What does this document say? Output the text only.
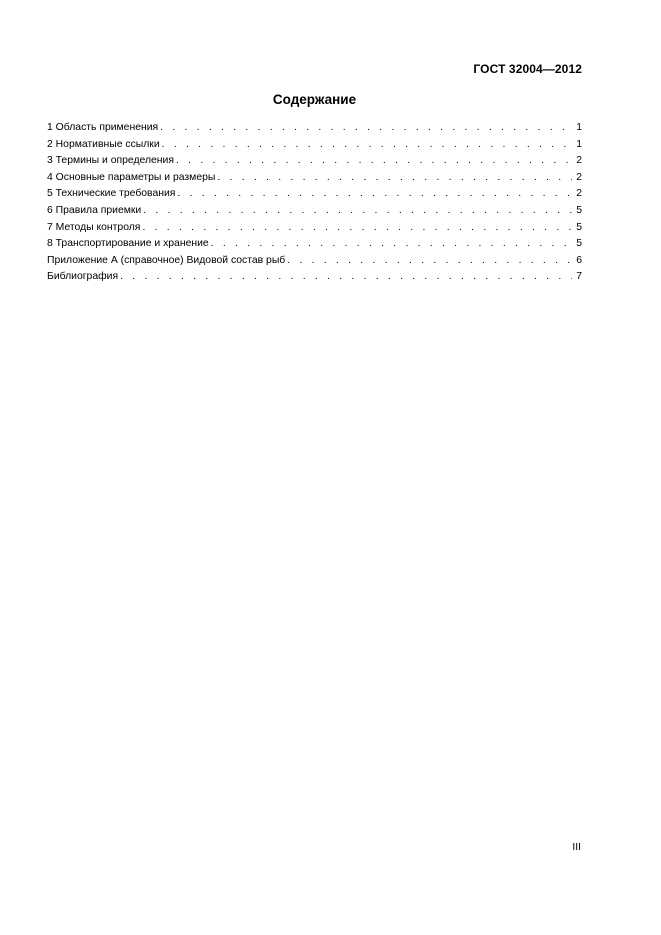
ГОСТ 32004—2012
Содержание
1 Область применения . . .	1
2 Нормативные ссылки . . .	1
3 Термины и определения . . .	2
4 Основные параметры и размеры . . .	2
5 Технические требования . . .	2
6 Правила приемки . . .	5
7 Методы контроля . . .	5
8 Транспортирование и хранение . . .	5
Приложение А (справочное) Видовой состав рыб . . .	6
Библиография . . .	7
III
